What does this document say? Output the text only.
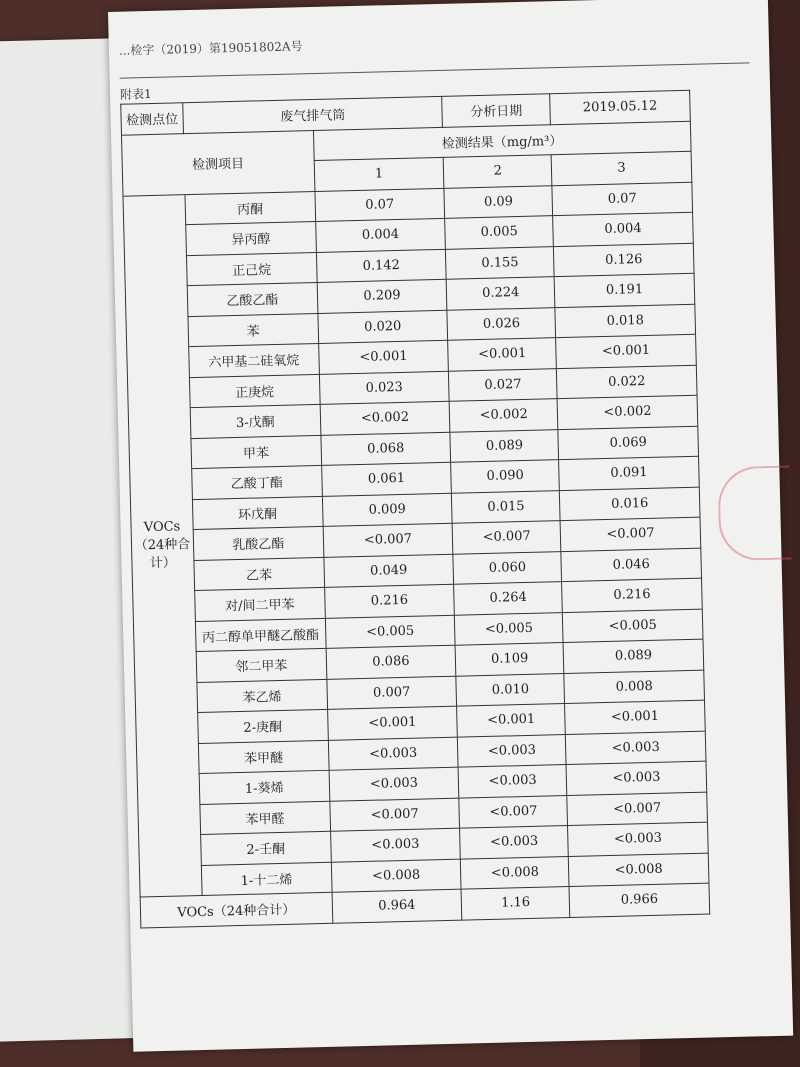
...检字（2019）第19051802A号
附表1
检测点位	废气排气筒		分析日期	2019.05.12
检测项目		检测结果（mg/m³）		
		1	2	3
VOCs（24种合计）	丙酮	0.07	0.09	0.07
	异丙醇	0.004	0.005	0.004
	正己烷	0.142	0.155	0.126
	乙酸乙酯	0.209	0.224	0.191
	苯	0.020	0.026	0.018
	六甲基二硅氧烷	<0.001	<0.001	<0.001
	正庚烷	0.023	0.027	0.022
	3-戊酮	<0.002	<0.002	<0.002
	甲苯	0.068	0.089	0.069
	乙酸丁酯	0.061	0.090	0.091
	环戊酮	0.009	0.015	0.016
	乳酸乙酯	<0.007	<0.007	<0.007
	乙苯	0.049	0.060	0.046
	对/间二甲苯	0.216	0.264	0.216
	丙二醇单甲醚乙酸酯	<0.005	<0.005	<0.005
	邻二甲苯	0.086	0.109	0.089
	苯乙烯	0.007	0.010	0.008
	2-庚酮	<0.001	<0.001	<0.001
	苯甲醚	<0.003	<0.003	<0.003
	1-葵烯	<0.003	<0.003	<0.003
	苯甲醛	<0.007	<0.007	<0.007
	2-壬酮	<0.003	<0.003	<0.003
	1-十二烯	<0.008	<0.008	<0.008
VOCs（24种合计）		0.964	1.16	0.966
